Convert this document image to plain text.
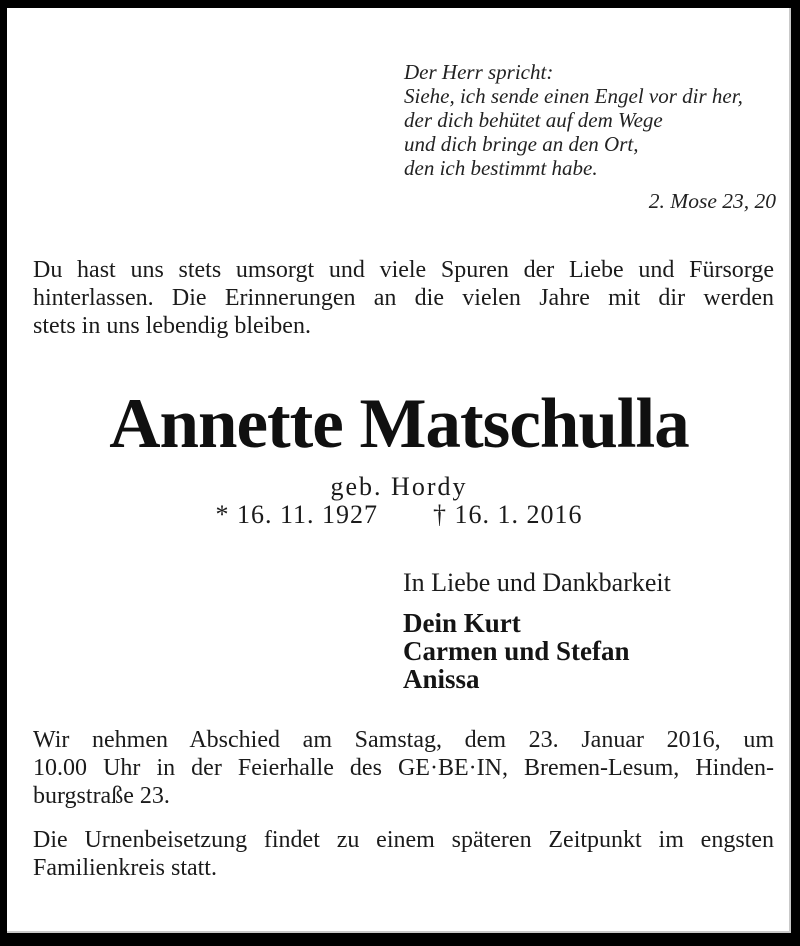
Der Herr spricht:
Siehe, ich sende einen Engel vor dir her,
der dich behütet auf dem Wege
und dich bringe an den Ort,
den ich bestimmt habe.
2. Mose 23, 20
Du hast uns stets umsorgt und viele Spuren der Liebe und Fürsorge
hinterlassen. Die Erinnerungen an die vielen Jahre mit dir werden
stets in uns lebendig bleiben.
Annette Matschulla
geb. Hordy
* 16. 11. 1927 † 16. 1. 2016
In Liebe und Dankbarkeit
Dein Kurt
Carmen und Stefan
Anissa
Wir nehmen Abschied am Samstag, dem 23. Januar 2016, um
10.00 Uhr in der Feierhalle des GE·BE·IN, Bremen-Lesum, Hinden-
burgstraße 23.
Die Urnenbeisetzung findet zu einem späteren Zeitpunkt im engsten
Familienkreis statt.
